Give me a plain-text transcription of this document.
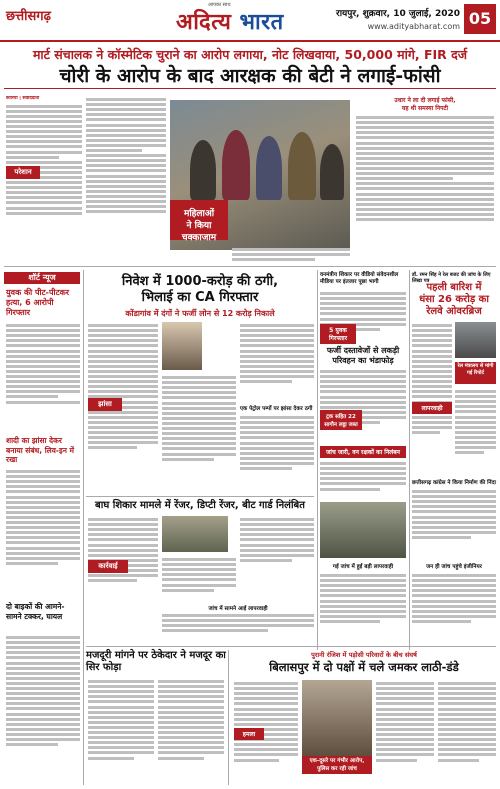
छत्तीसगढ़
आपका साथ
अदित्य भारत	रायपुर, शुक्रवार, 10 जुलाई, 2020
www.adityabharat.com 05
मार्ट संचालक ने कॉस्मेटिक चुराने का आरोप लगाया, नोट लिखवाया, 50,000 मांगे, FIR दर्ज
चोरी के आरोप के बाद आरक्षक की बेटी ने लगाई-फांसी
कोरिया | संवाददाता
परेशान
महिलाओं
ने किया
चक्काजाम
उधार ने ला दी लगाई फांसी,
यह थी समस्या निपटी
शॉर्ट न्यूज
युवक की पीट-पीटकर हत्या, 6 आरोपी गिरफ्तार
शादी का झांसा देकर बनाया संबंध, लिव-इन में रखा
दो बाइकों की आमने-सामने टक्कर, घायल
निवेश में 1000-करोड़ की ठगी,
भिलाई का CA गिरफ्तार
कोंडागांव में दंगों ने फर्जी लोन से 12 करोड़ निकाले
झांसा
एक पेट्रोल पम्पों पर झांसा देकर ठगी
बाघ शिकार मामले में रेंजर, डिप्टी रेंजर, बीट गार्ड निलंबित
कार्रवाई
जांच में सामने आई लापरवाही
वनमंत्रीय शिकार पर वीडियो संवेदनशील
मीडिया पर इंतजार पूछा भागी
5 युवक गिरफ्तार
फर्जी दस्तावेजों से लकड़ी परिवहन का भंडाफोड़
ट्रक सहित 22 सागौन लट्ठा जब्त
जांच जारी, वन रक्षकों का निलंबन
गई जांच में हुई बड़ी लापरवाही
डॉ. रमन सिंह ने रेल बजट की जांच के लिए लिखा पत्र
पहली बारिश में
धंसा 26 करोड़ का
रेलवे ओवरब्रिज
लापरवाही
रेल मंत्रालय से मांगी गई रिपोर्ट
छत्तीसगढ़ कांग्रेस ने किया निर्माण की निंदा
जन ही जांच पहुंचे इंजीनियर
मजदूरी मांगने पर ठेकेदार ने मजदूर का सिर फोड़ा
पुरानी रंजिश में पड़ोसी परिवारों के बीच संघर्ष
बिलासपुर में दो पक्षों में चले जमकर लाठी-डंडे
हमला
एक-दूसरे पर गंभीर आरोप,
पुलिस कर रही जांच
